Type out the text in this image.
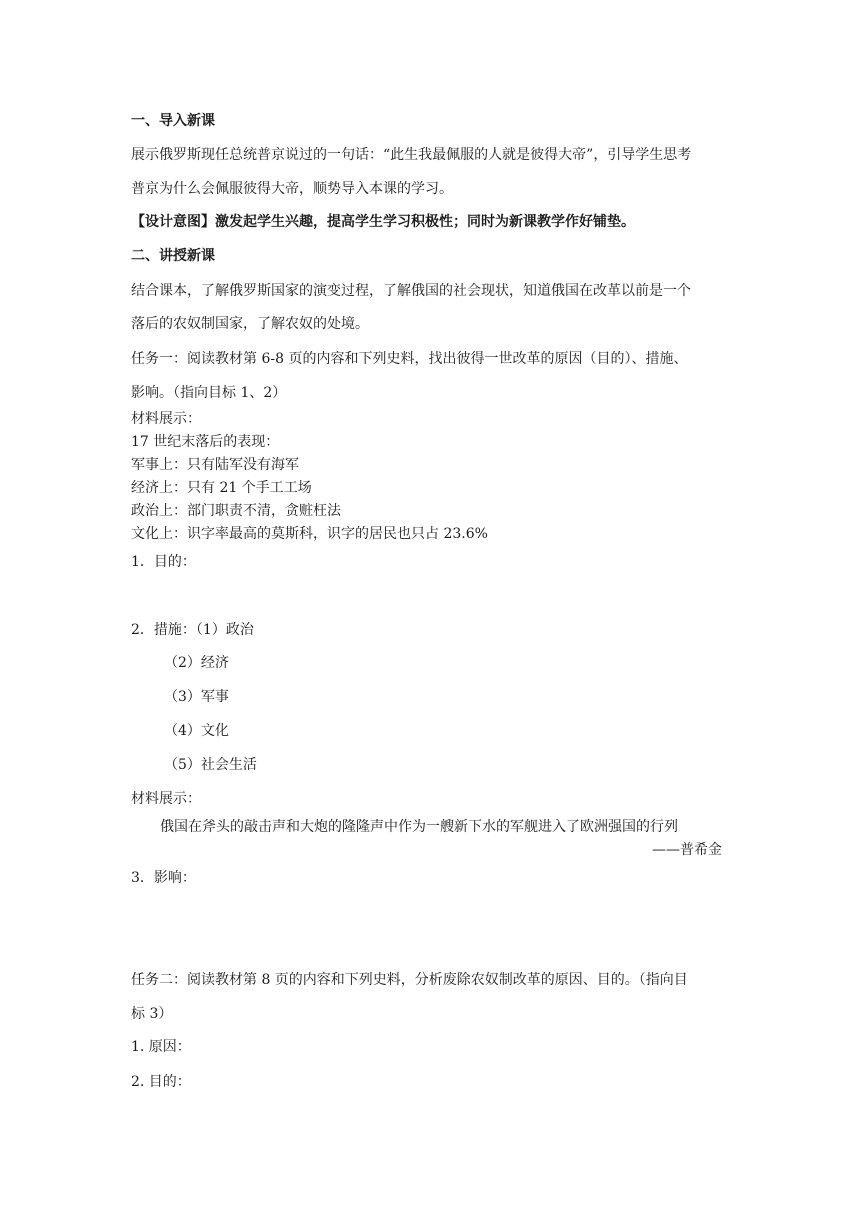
一、导入新课

展示俄罗斯现任总统普京说过的一句话：“此生我最佩服的人就是彼得大帝”，引导学生思考

普京为什么会佩服彼得大帝，顺势导入本课的学习。

【设计意图】激发起学生兴趣，提高学生学习积极性；同时为新课教学作好铺垫。

二、讲授新课

结合课本，了解俄罗斯国家的演变过程，了解俄国的社会现状，知道俄国在改革以前是一个

落后的农奴制国家，了解农奴的处境。

任务一：阅读教材第 6-8 页的内容和下列史料，找出彼得一世改革的原因（目的）、措施、

影响。（指向目标 1、2）

材料展示：

17 世纪末落后的表现：

军事上：只有陆军没有海军

经济上：只有 21 个手工工场

政治上：部门职责不清，贪赃枉法

文化上：识字率最高的莫斯科，识字的居民也只占 23.6%

1．目的：

2．措施：（1）政治

（2）经济

（3）军事

（4）文化

（5）社会生活

材料展示：

俄国在斧头的敲击声和大炮的隆隆声中作为一艘新下水的军舰进入了欧洲强国的行列

——普希金

3．影响：

任务二：阅读教材第 8 页的内容和下列史料，分析废除农奴制改革的原因、目的。（指向目

标 3）

1. 原因：

2. 目的：
